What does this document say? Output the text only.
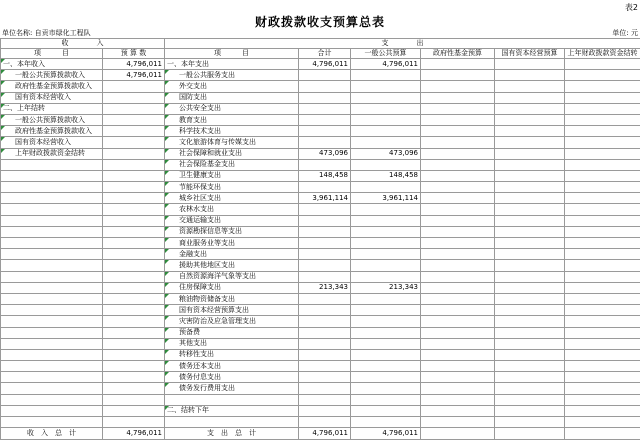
表2
财政拨款收支预算总表
单位名称: 自贡市绿化工程队	单位: 元
收　　　　入		支　　　　出					
项　　　目	预 算 数	项　　　目	合计	一般公共预算	政府性基金预算	国有资本经营预算	上年财政拨款资金结转
一、本年收入	4,796,011	一、本年支出	4,796,011	4,796,011			
一般公共预算拨款收入	4,796,011	一般公共服务支出					
政府性基金预算拨款收入		外交支出					
国有资本经营收入		国防支出					
二、上年结转		公共安全支出					
一般公共预算拨款收入		教育支出					
政府性基金预算拨款收入		科学技术支出					
国有资本经营收入		文化旅游体育与传媒支出					
上年财政拨款资金结转		社会保障和就业支出	473,096	473,096			
		社会保险基金支出					
		卫生健康支出	148,458	148,458			
		节能环保支出					
		城乡社区支出	3,961,114	3,961,114			
		农林水支出					
		交通运输支出					
		资源勘探信息等支出					
		商业服务业等支出					
		金融支出					
		援助其他地区支出					
		自然资源海洋气象等支出					
		住房保障支出	213,343	213,343			
		粮油物资储备支出					
		国有资本经营预算支出					
		灾害防治及应急管理支出					
		预备费					
		其他支出					
		转移性支出					
		债务还本支出					
		债务付息支出					
		债务发行费用支出					

		二、结转下年					

收　入　总　计	4,796,011	支　出　总　计	4,796,011	4,796,011			
